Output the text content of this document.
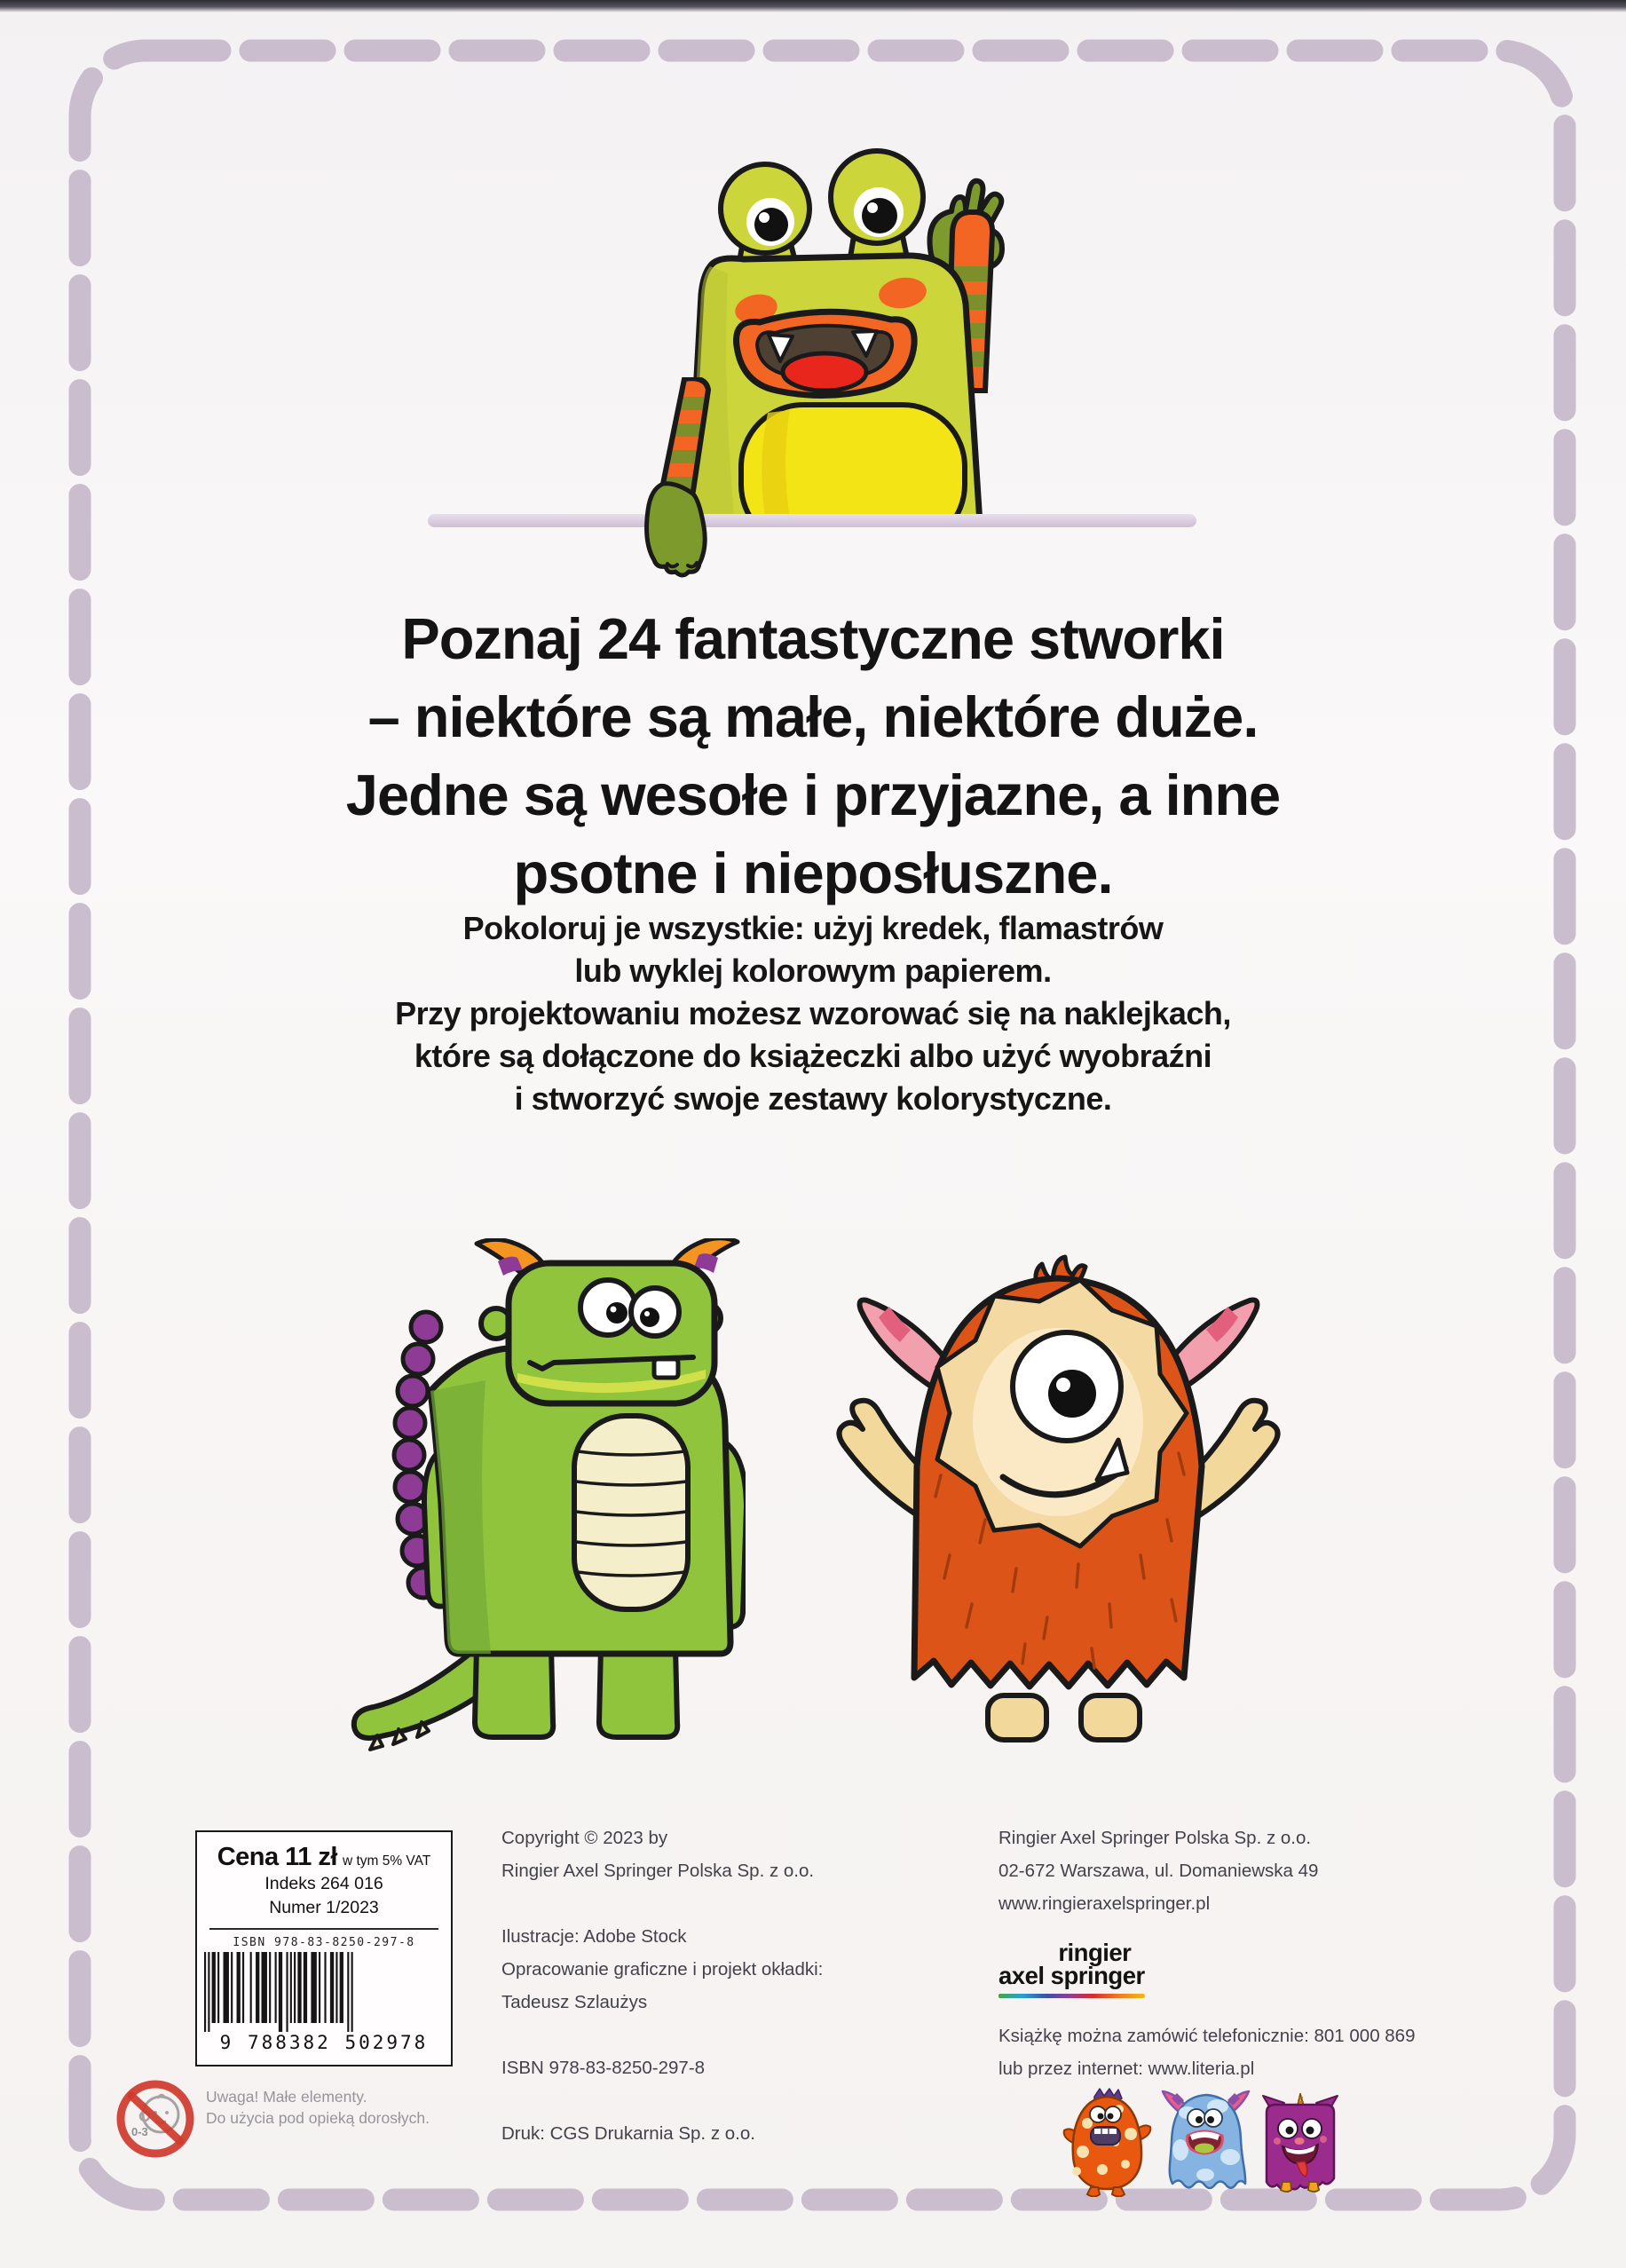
Poznaj 24 fantastyczne stworki
– niektóre są małe, niektóre duże.
Jedne są wesołe i przyjazne, a inne
psotne i nieposłuszne.
Pokoloruj je wszystkie: użyj kredek, flamastrów
lub wyklej kolorowym papierem.
Przy projektowaniu możesz wzorować się na naklejkach,
które są dołączone do książeczki albo użyć wyobraźni
i stworzyć swoje zestawy kolorystyczne.
Cena 11 zł w tym 5% VAT
Indeks 264 016
Numer 1/2023
ISBN 978-83-8250-297-8
9 788382 502978

Copyright © 2023 by
Ringier Axel Springer Polska Sp. z o.o.

Ilustracje: Adobe Stock
Opracowanie graficzne i projekt okładki:
Tadeusz Szlaużys

ISBN 978-83-8250-297-8

Druk: CGS Drukarnia Sp. z o.o.

Ringier Axel Springer Polska Sp. z o.o.

02-672 Warszawa, ul. Domaniewska 49

www.ringieraxelspringer.pl

ringier
axel springer

Książkę można zamówić telefonicznie: 801 000 869

lub przez internet: www.literia.pl

0-3
Uwaga! Małe elementy.
Do użycia pod opieką dorosłych.
